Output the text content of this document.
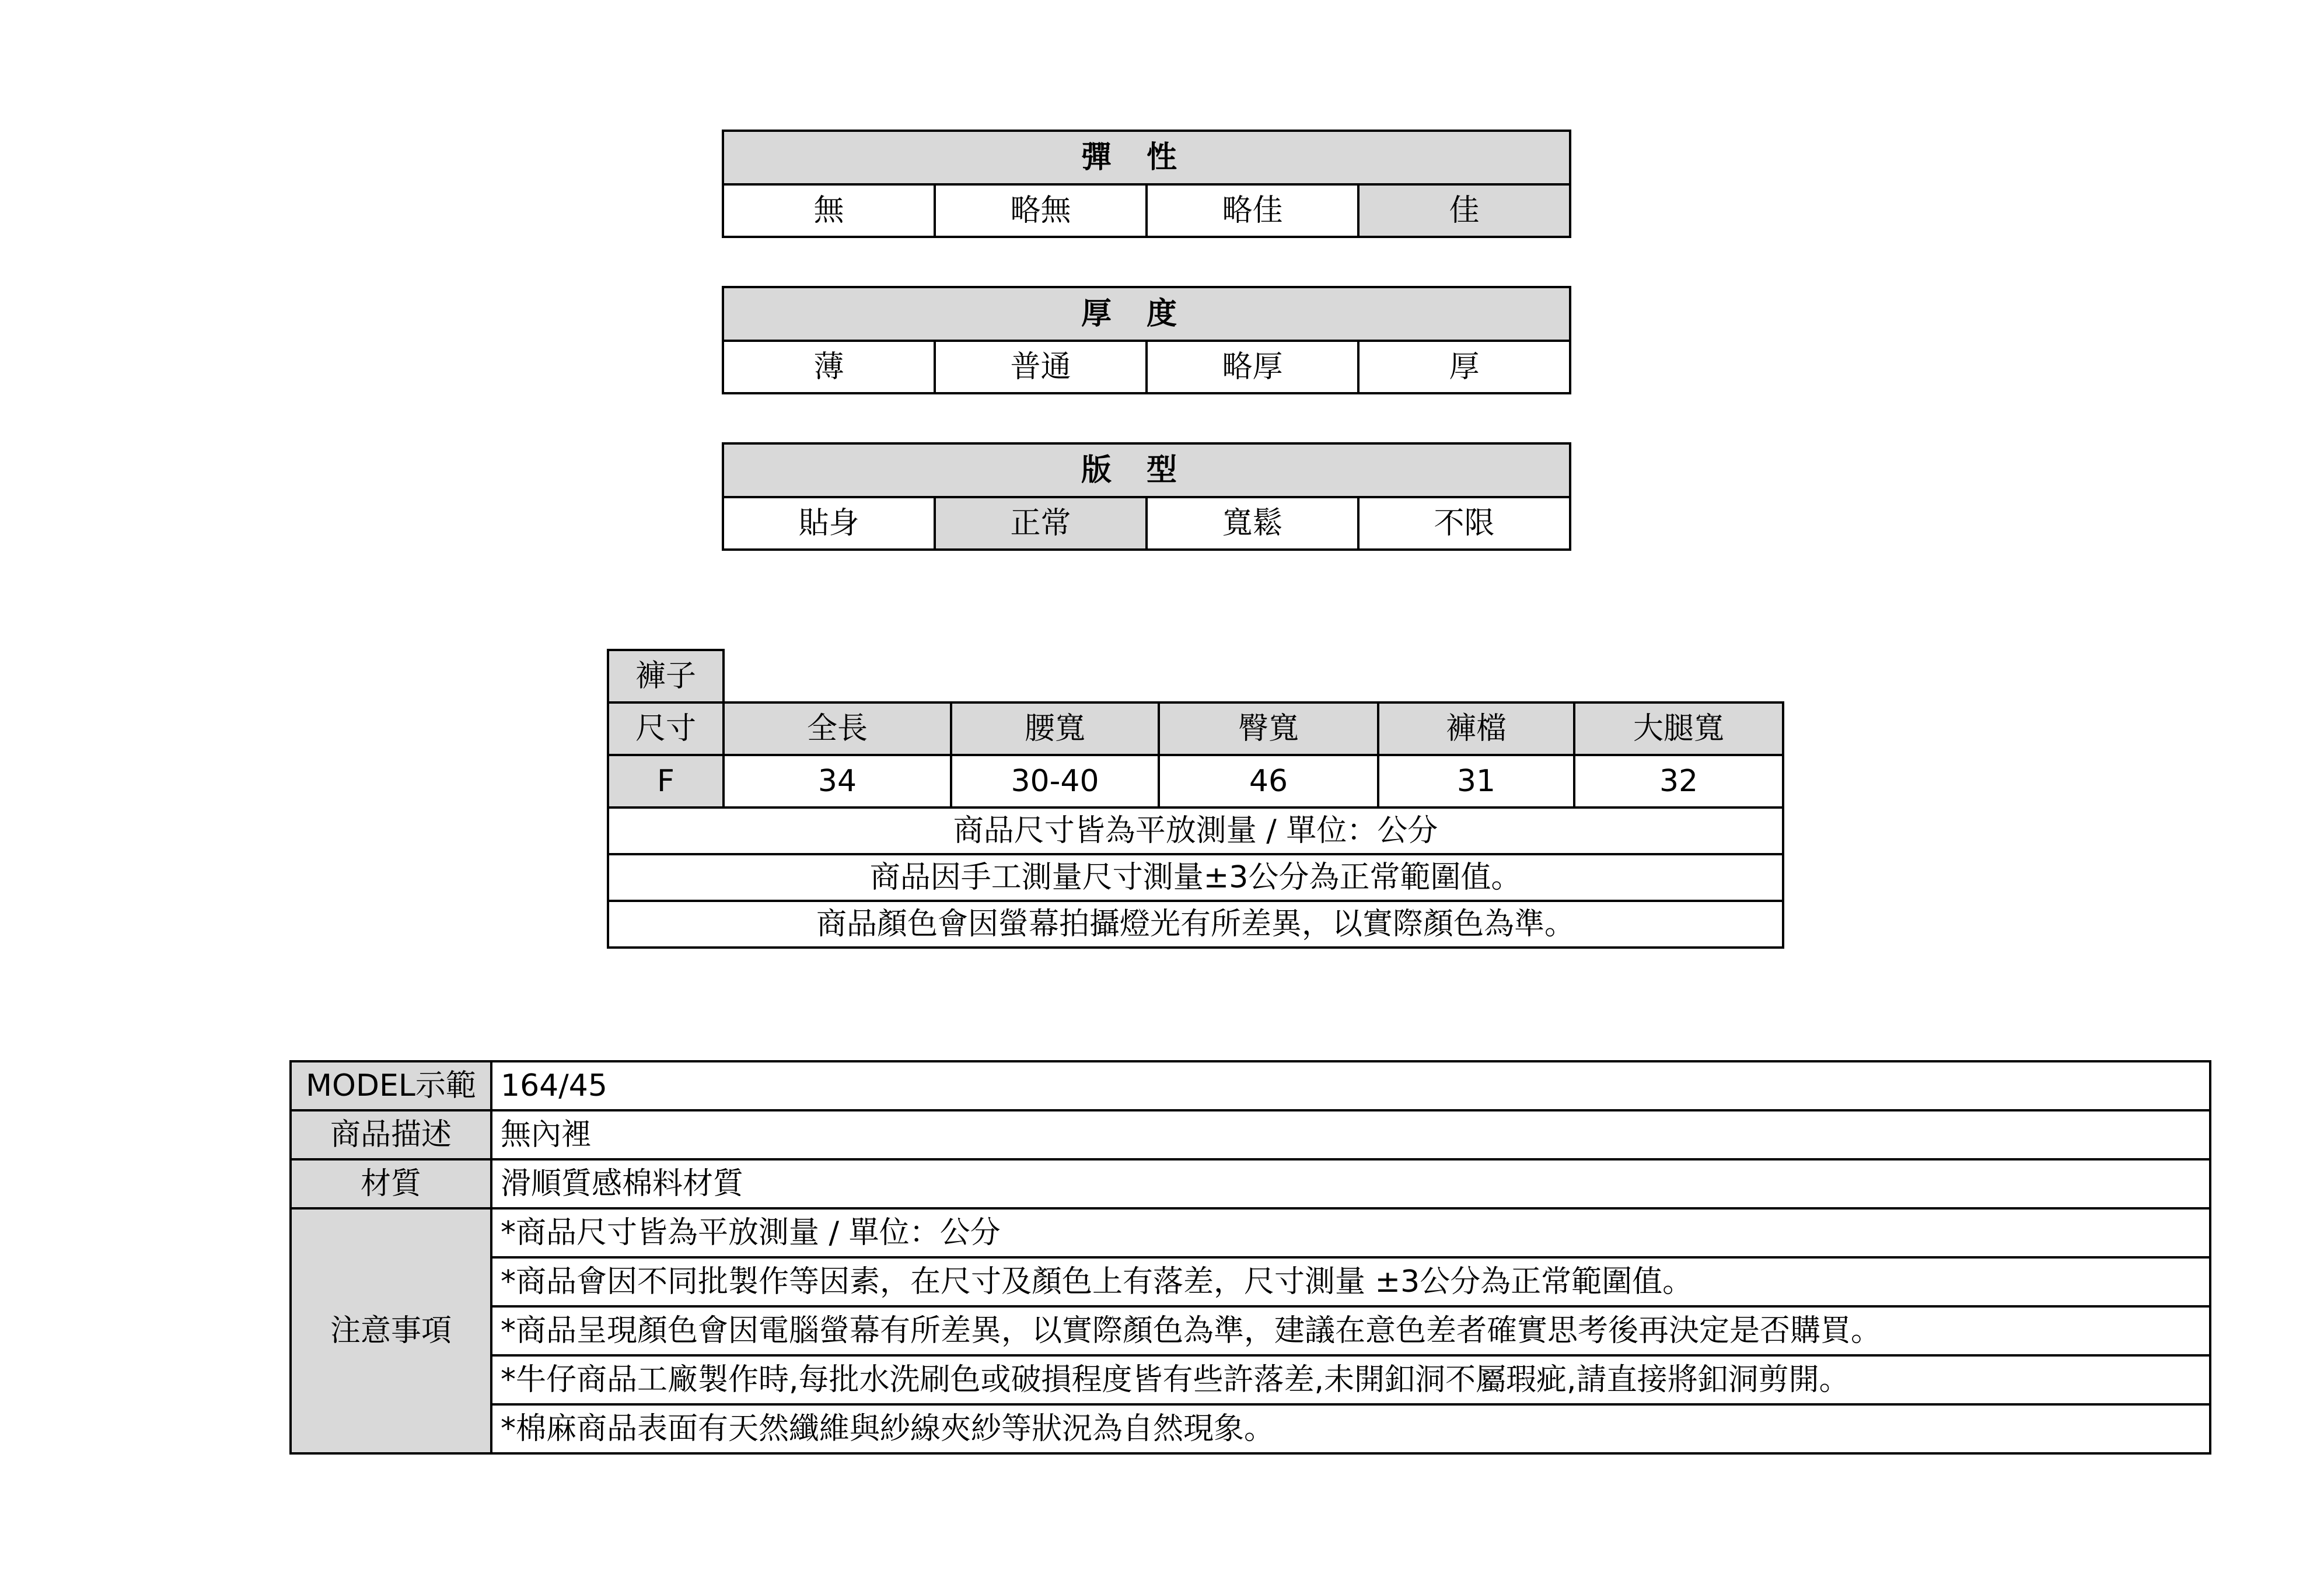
彈性
無	略無	略佳	佳
厚度
薄	普通	略厚	厚
版型
貼身	正常	寬鬆	不限
褲子					
尺寸	全長	腰寬	臀寬	褲檔	大腿寬
F	34	30-40	46	31	32
商品尺寸皆為平放測量 / 單位：公分					
商品因手工測量尺寸測量±3公分為正常範圍值。					
商品顏色會因螢幕拍攝燈光有所差異，以實際顏色為準。					
MODEL示範	164/45
商品描述	無內裡
材質	滑順質感棉料材質
注意事項	*商品尺寸皆為平放測量 / 單位：公分
	*商品會因不同批製作等因素，在尺寸及顏色上有落差，尺寸測量 ±3公分為正常範圍值。
	*商品呈現顏色會因電腦螢幕有所差異，以實際顏色為準，建議在意色差者確實思考後再決定是否購買。
	*牛仔商品工廠製作時,每批水洗刷色或破損程度皆有些許落差,未開釦洞不屬瑕疵,請直接將釦洞剪開。
	*棉麻商品表面有天然纖維與紗線夾紗等狀況為自然現象。
